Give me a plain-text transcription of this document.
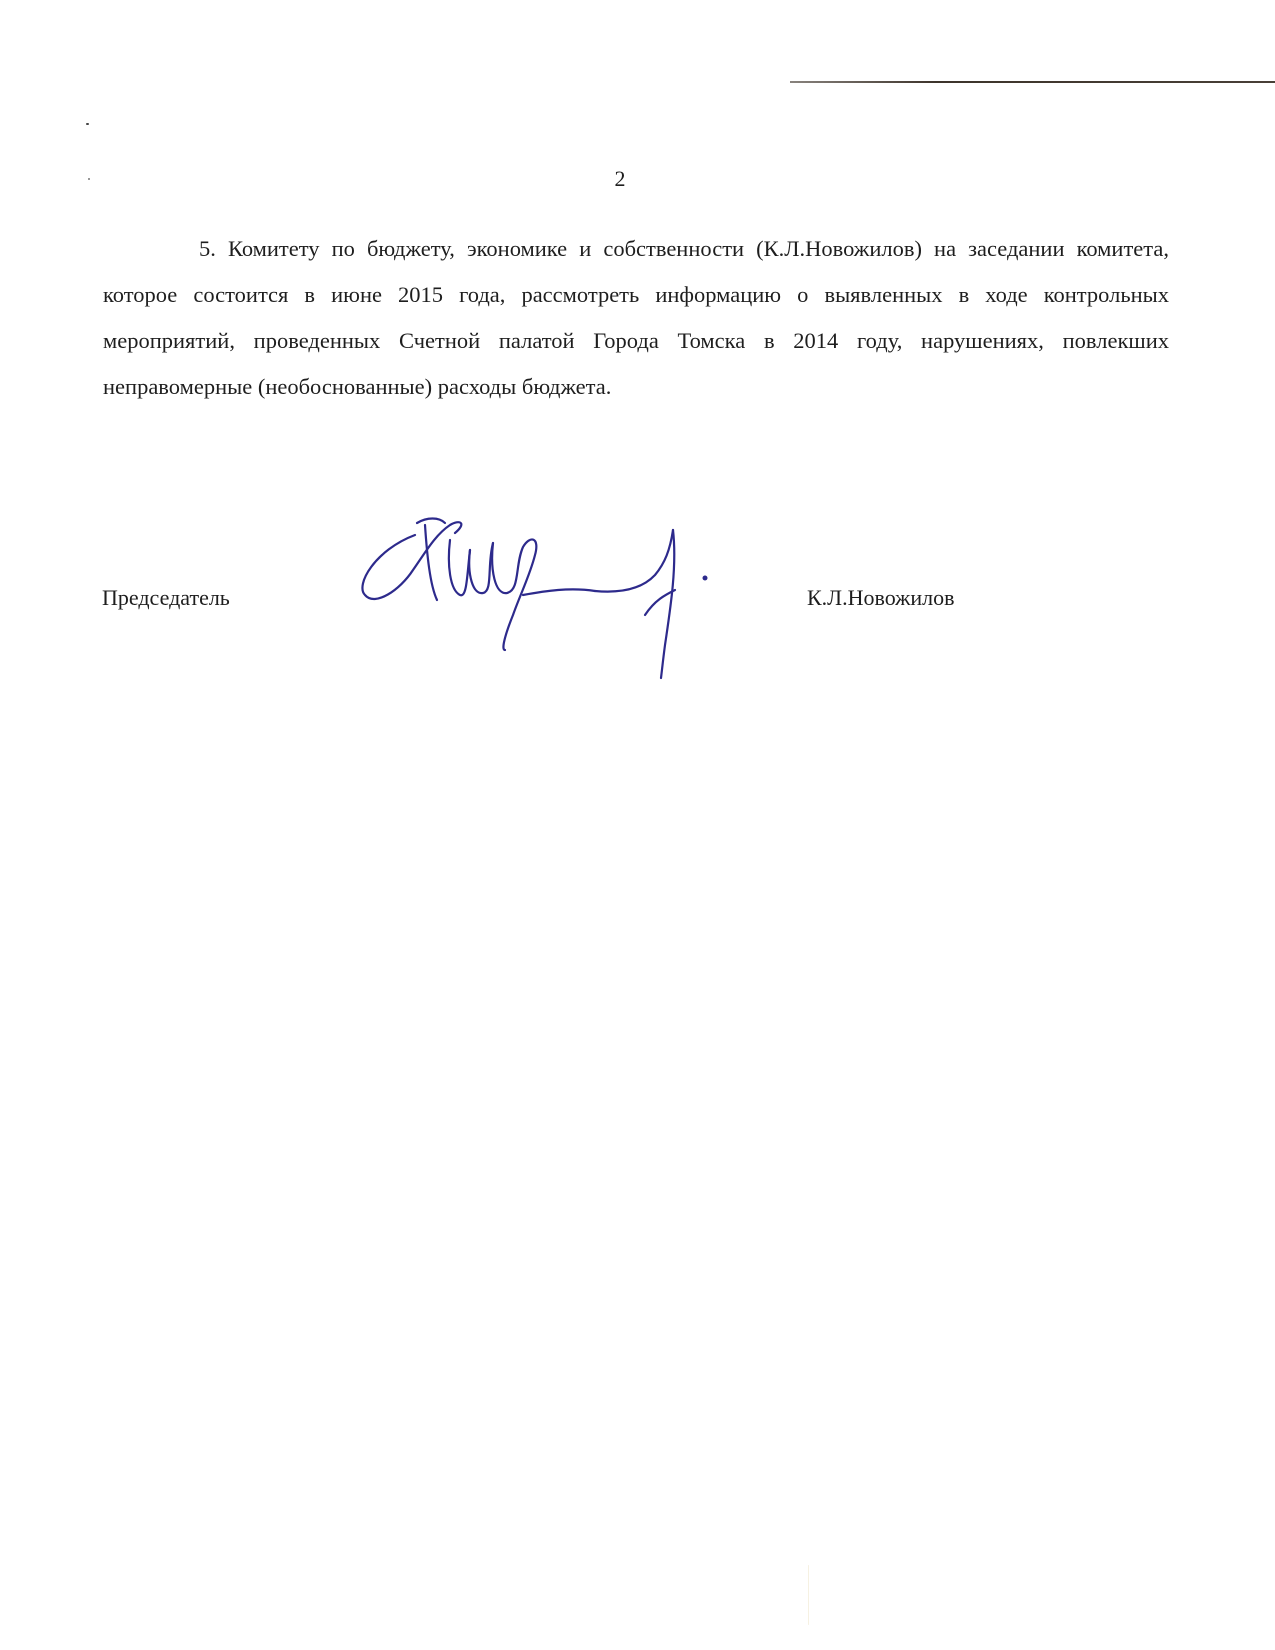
2

5. Комитету по бюджету, экономике и собственности (К.Л.Новожилов) на заседании комитета, которое состоится в июне 2015 года, рассмотреть информацию о выявленных в ходе контрольных мероприятий, проведенных Счетной палатой Города Томска в 2014 году, нарушениях, повлекших неправомерные (необоснованные) расходы бюджета.

Председатель	К.Л.Новожилов
